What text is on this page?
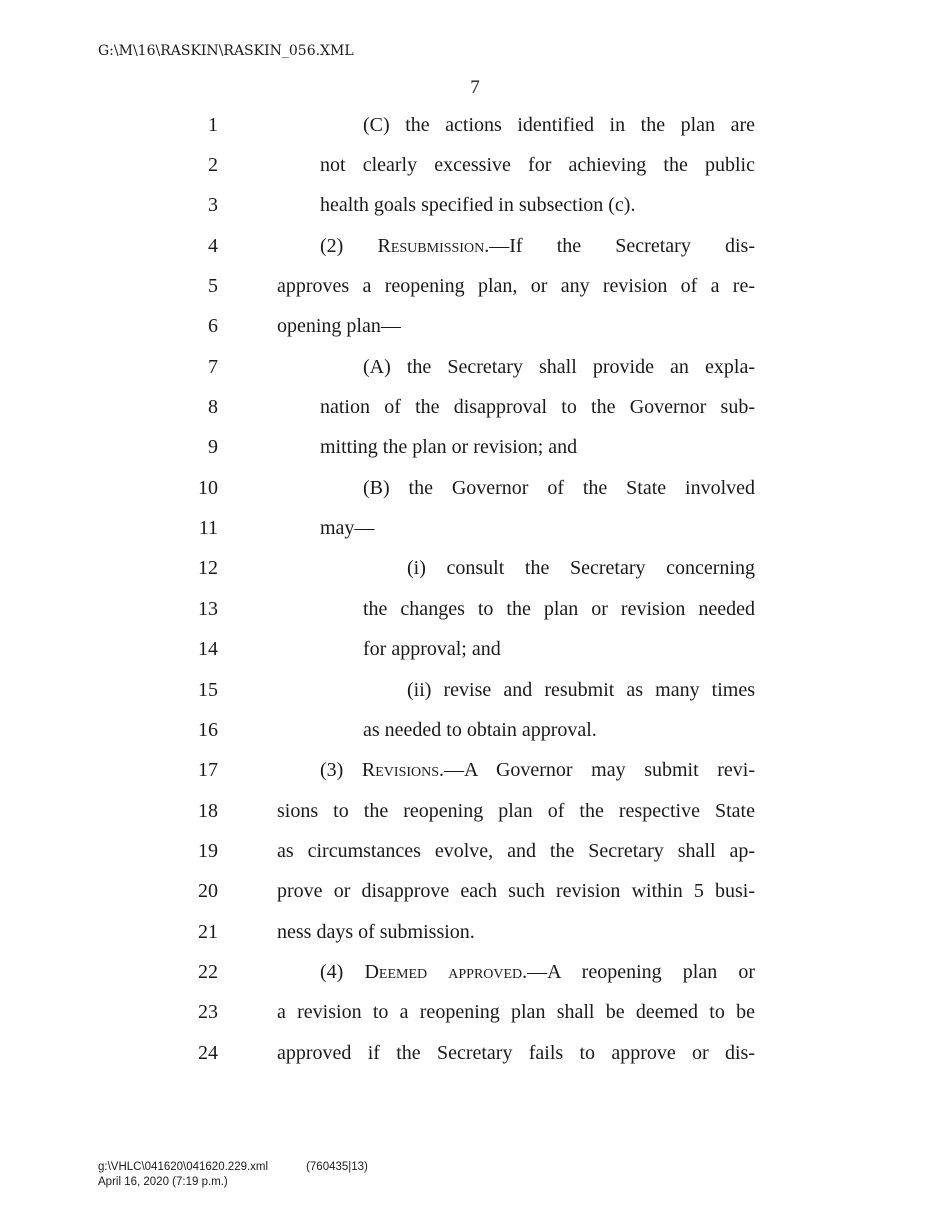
G:\M\16\RASKIN\RASKIN_056.XML
7
1	(C) the actions identified in the plan are
2	not clearly excessive for achieving the public
3	health goals specified in subsection (c).
4	(2) Resubmission.—If the Secretary dis-
5	approves a reopening plan, or any revision of a re-
6	opening plan—
7	(A) the Secretary shall provide an expla-
8	nation of the disapproval to the Governor sub-
9	mitting the plan or revision; and
10	(B) the Governor of the State involved
11	may—
12	(i) consult the Secretary concerning
13	the changes to the plan or revision needed
14	for approval; and
15	(ii) revise and resubmit as many times
16	as needed to obtain approval.
17	(3) Revisions.—A Governor may submit revi-
18	sions to the reopening plan of the respective State
19	as circumstances evolve, and the Secretary shall ap-
20	prove or disapprove each such revision within 5 busi-
21	ness days of submission.
22	(4) Deemed approved.—A reopening plan or
23	a revision to a reopening plan shall be deemed to be
24	approved if the Secretary fails to approve or dis-
g:\VHLC\041620\041620.229.xml	(760435|13)
April 16, 2020 (7:19 p.m.)
